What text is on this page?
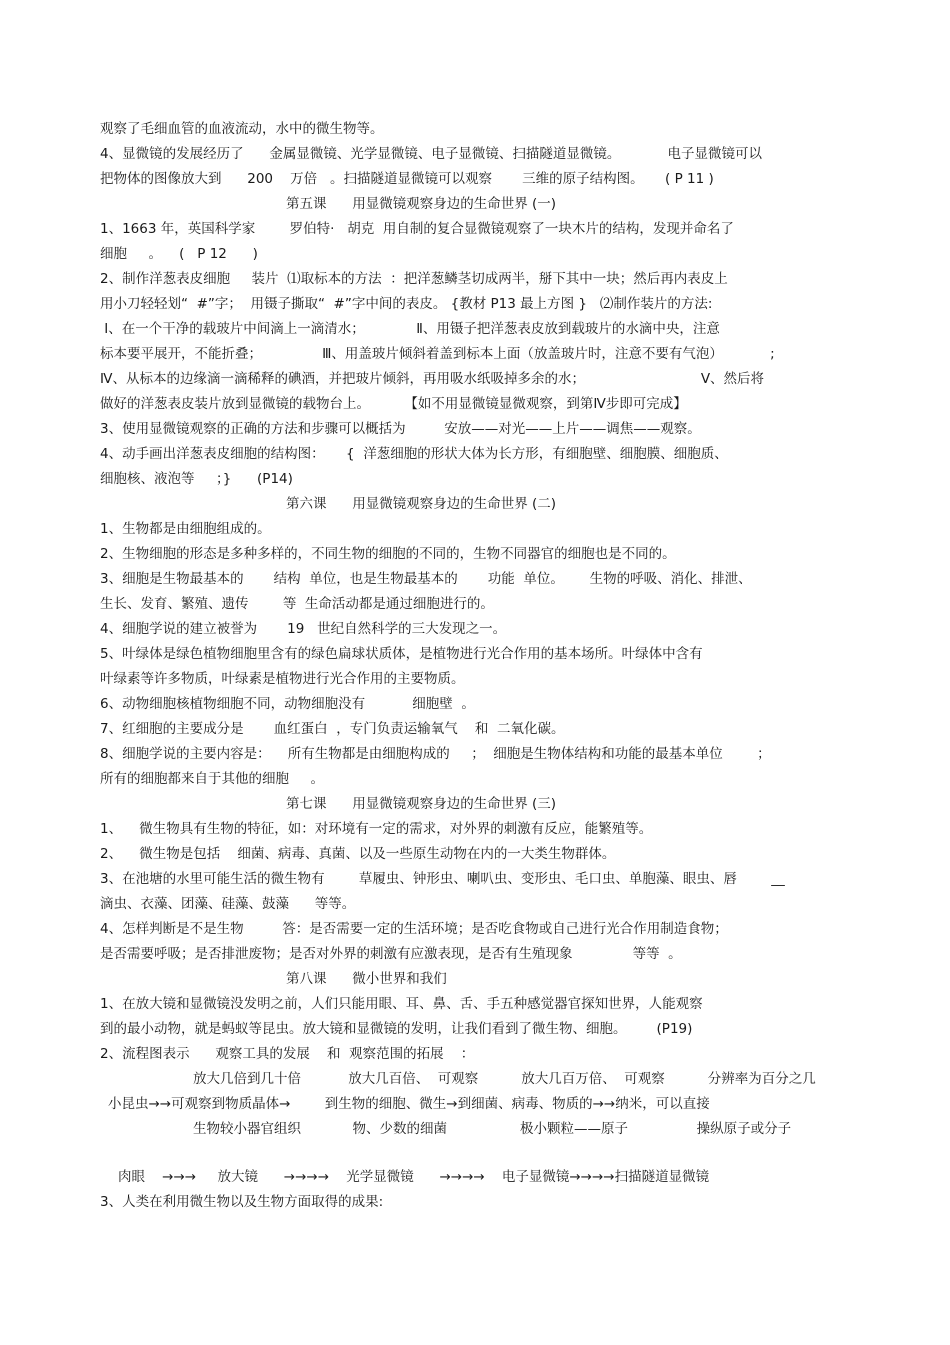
观察了毛细血管的血液流动，水中的微生物等。
4、显微镜的发展经历了      金属显微镜、光学显微镜、电子显微镜、扫描隧道显微镜。           电子显微镜可以
把物体的图像放大到      200    万倍   。扫描隧道显微镜可以观察       三维的原子结构图。     ( P 11 )
第五课      用显微镜观察身边的生命世界 (一)
1、1663 年，英国科学家        罗伯特·   胡克  用自制的复合显微镜观察了一块木片的结构，发现并命名了
细胞     。    (   P 12      )
2、制作洋葱表皮细胞     装片  ⑴取标本的方法  ：把洋葱鳞茎切成两半，掰下其中一块；然后再内表皮上
用小刀轻轻划“  #”字；  用镊子撕取“  #”字中间的表皮。 {教材 P13 最上方图 }   ⑵制作装片的方法:
Ⅰ、在一个干净的载玻片中间滴上一滴清水；            Ⅱ、用镊子把洋葱表皮放到载玻片的水滴中央，注意
标本要平展开，不能折叠；              Ⅲ、用盖玻片倾斜着盖到标本上面（放盖玻片时，注意不要有气泡）           ;
Ⅳ、从标本的边缘滴一滴稀释的碘酒，并把玻片倾斜，再用吸水纸吸掉多余的水；                           Ⅴ、然后将
做好的洋葱表皮装片放到显微镜的载物台上。        【如不用显微镜显微观察，到第Ⅳ步即可完成】
3、使用显微镜观察的正确的方法和步骤可以概括为         安放——对光——上片——调焦——观察。
4、动手画出洋葱表皮细胞的结构图：     {  洋葱细胞的形状大体为长方形，有细胞壁、细胞膜、细胞质、
细胞核、液泡等     ；}      (P14)
第六课      用显微镜观察身边的生命世界 (二)
1、生物都是由细胞组成的。
2、生物细胞的形态是多种多样的，不同生物的细胞的不同的，生物不同器官的细胞也是不同的。
3、细胞是生物最基本的       结构  单位，也是生物最基本的       功能  单位。      生物的呼吸、消化、排泄、
生长、发育、繁殖、遗传        等  生命活动都是通过细胞进行的。
4、细胞学说的建立被誉为       19   世纪自然科学的三大发现之一。
5、叶绿体是绿色植物细胞里含有的绿色扁球状质体，是植物进行光合作用的基本场所。叶绿体中含有
叶绿素等许多物质，叶绿素是植物进行光合作用的主要物质。
6、动物细胞核植物细胞不同，动物细胞没有           细胞壁  。
7、红细胞的主要成分是       血红蛋白  ，专门负责运输氧气    和  二氧化碳。
8、细胞学说的主要内容是：    所有生物都是由细胞构成的     ；  细胞是生物体结构和功能的最基本单位        ；
所有的细胞都来自于其他的细胞     。
第七课      用显微镜观察身边的生命世界 (三)
1、    微生物具有生物的特征，如：对环境有一定的需求，对外界的刺激有反应，能繁殖等。
2、    微生物是包括    细菌、病毒、真菌、以及一些原生动物在内的一大类生物群体。
3、在池塘的水里可能生活的微生物有        草履虫、钟形虫、喇叭虫、变形虫、毛口虫、单胞藻、眼虫、唇        __
滴虫、衣藻、团藻、硅藻、鼓藻      等等。
4、怎样判断是不是生物         答：是否需要一定的生活环境；是否吃食物或自己进行光合作用制造食物；
是否需要呼吸；是否排泄废物；是否对外界的刺激有应激表现，是否有生殖现象              等等  。
第八课      微小世界和我们
1、在放大镜和显微镜没发明之前，人们只能用眼、耳、鼻、舌、手五种感觉器官探知世界，人能观察
到的最小动物，就是蚂蚁等昆虫。放大镜和显微镜的发明，让我们看到了微生物、细胞。       (P19)
2、流程图表示      观察工具的发展    和  观察范围的拓展    ：
放大几倍到几十倍           放大几百倍、  可观察          放大几百万倍、  可观察          分辨率为百分之几
小昆虫→→可观察到物质晶体→        到生物的细胞、微生→到细菌、病毒、物质的→→纳米，可以直接
生物较小器官组织            物、少数的细菌                 极小颗粒——原子                操纵原子或分子
肉眼    →→→     放大镜      →→→→    光学显微镜      →→→→    电子显微镜→→→→扫描隧道显微镜
3、人类在利用微生物以及生物方面取得的成果:
